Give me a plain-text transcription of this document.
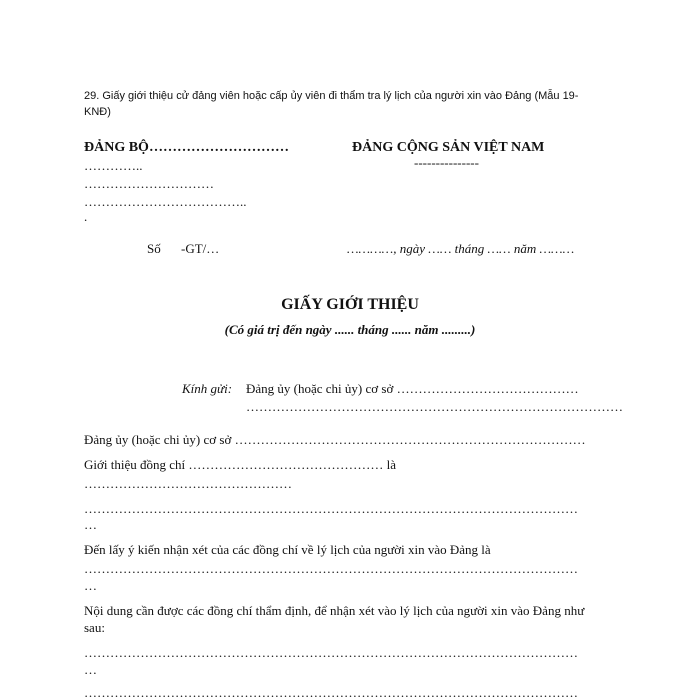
29. Giấy giới thiệu cử đảng viên hoặc cấp ủy viên đi thẩm tra lý lịch của người xin vào Đảng (Mẫu 19-KNĐ)
ĐẢNG BỘ…………………………
…………..
…………………………
………………………………..
.
ĐẢNG CỘNG SẢN VIỆT NAM
---------------
Số -GT/…	…………, ngày …… tháng …… năm ………
GIẤY GIỚI THIỆU
(Có giá trị đến ngày ...... tháng ...... năm .........)
Kính gửi: Đảng ủy (hoặc chi ủy) cơ sở ……………………………………
……………………………………………………………………………
Đảng ủy (hoặc chi ủy) cơ sở ………………………………………………………………………
Giới thiệu đồng chí ……………………………………… là
…………………………………………
……………………………………………………………………………………………………
…
Đến lấy ý kiến nhận xét của các đồng chí về lý lịch của người xin vào Đảng là
……………………………………………………………………………………………………
…
Nội dung cần được các đồng chí thẩm định, để nhận xét vào lý lịch của người xin vào Đảng như
sau:
……………………………………………………………………………………………………
…
……………………………………………………………………………………………………
